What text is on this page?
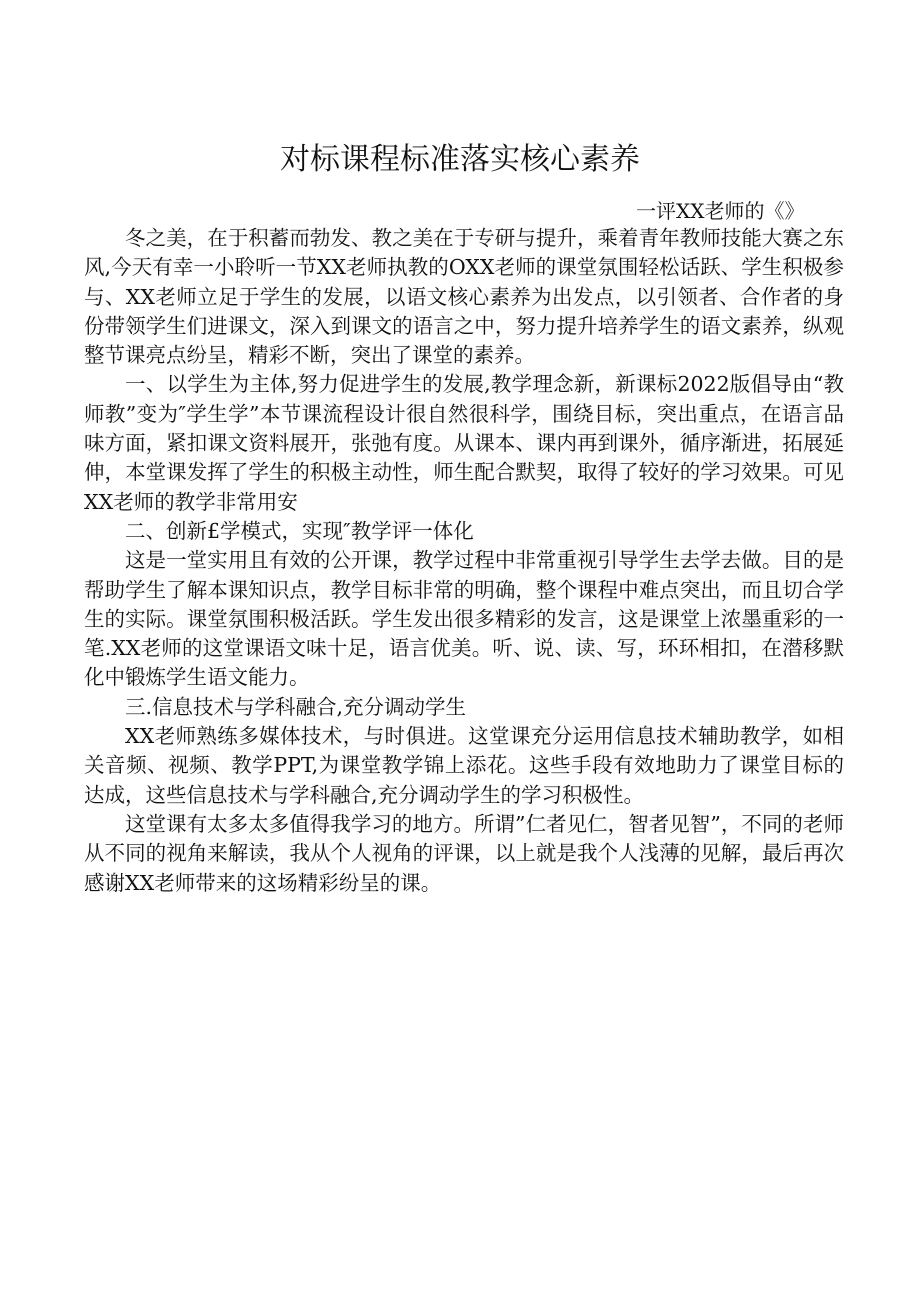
对标课程标准落实核心素养
一评XX老师的《》

冬之美，在于积蓄而勃发、教之美在于专研与提升，乘着青年教师技能大赛之东风,今天有幸一小聆听一节XX老师执教的OXX老师的课堂氛围轻松话跃、学生积极参与、XX老师立足于学生的发展，以语文核心素养为出发点，以引领者、合作者的身份带领学生们进课文，深入到课文的语言之中，努力提升培养学生的语文素养，纵观整节课亮点纷呈，精彩不断，突出了课堂的素养。

一、以学生为主体,努力促进学生的发展,教学理念新，新课标2022版倡导由“教师教”变为″学生学”本节课流程设计很自然很科学，围绕目标，突出重点，在语言品味方面，紧扣课文资料展开，张弛有度。从课本、课内再到课外，循序渐进，拓展延伸，本堂课发挥了学生的积极主动性，师生配合默契，取得了较好的学习效果。可见XX老师的教学非常用安

二、创新£学模式，实现″教学评一体化

这是一堂实用且有效的公开课，教学过程中非常重视引导学生去学去做。目的是帮助学生了解本课知识点，教学目标非常的明确，整个课程中难点突出，而且切合学生的实际。课堂氛围积极活跃。学生发出很多精彩的发言，这是课堂上浓墨重彩的一笔.XX老师的这堂课语文味十足，语言优美。听、说、读、写，环环相扣，在潜移默化中锻炼学生语文能力。

三.信息技术与学科融合,充分调动学生

XX老师熟练多媒体技术，与时俱进。这堂课充分运用信息技术辅助教学，如相关音频、视频、教学PPT,为课堂教学锦上添花。这些手段有效地助力了课堂目标的达成，这些信息技术与学科融合,充分调动学生的学习积极性。

这堂课有太多太多值得我学习的地方。所谓”仁者见仁，智者见智”，不同的老师从不同的视角来解读，我从个人视角的评课，以上就是我个人浅薄的见解，最后再次感谢XX老师带来的这场精彩纷呈的课。
